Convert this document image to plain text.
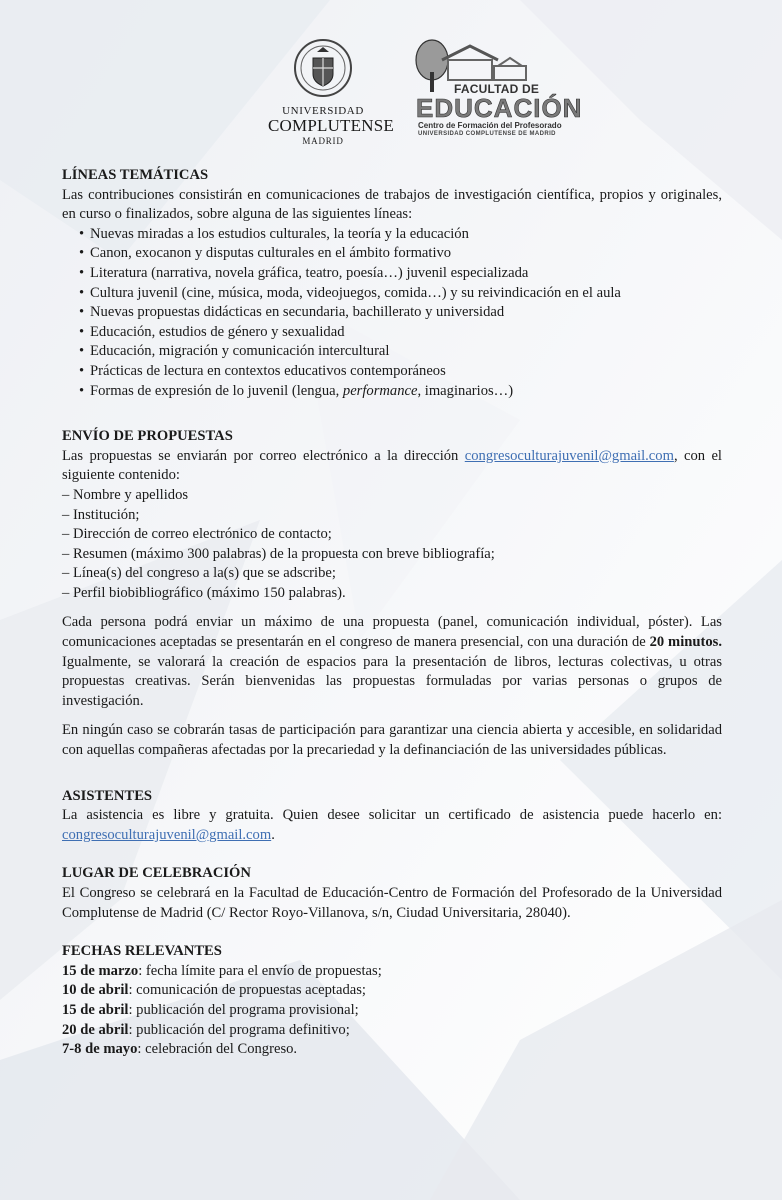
UNIVERSIDAD
COMPLUTENSE
MADRID
FACULTAD DE
EDUCACIÓN
Centro de Formación del Profesorado
UNIVERSIDAD COMPLUTENSE DE MADRID
LÍNEAS TEMÁTICAS

Las contribuciones consistirán en comunicaciones de trabajos de investigación científica, propios y originales, en curso o finalizados, sobre alguna de las siguientes líneas:

• Nuevas miradas a los estudios culturales, la teoría y la educación
• Canon, exocanon y disputas culturales en el ámbito formativo
• Literatura (narrativa, novela gráfica, teatro, poesía…) juvenil especializada
• Cultura juvenil (cine, música, moda, videojuegos, comida…) y su reivindicación en el aula
• Nuevas propuestas didácticas en secundaria, bachillerato y universidad
• Educación, estudios de género y sexualidad
• Educación, migración y comunicación intercultural
• Prácticas de lectura en contextos educativos contemporáneos
• Formas de expresión de lo juvenil (lengua, performance, imaginarios…)
ENVÍO DE PROPUESTAS

Las propuestas se enviarán por correo electrónico a la dirección congresoculturajuvenil@gmail.com, con el siguiente contenido:

– Nombre y apellidos
– Institución;
– Dirección de correo electrónico de contacto;
– Resumen (máximo 300 palabras) de la propuesta con breve bibliografía;
– Línea(s) del congreso a la(s) que se adscribe;
– Perfil biobibliográfico (máximo 150 palabras).

Cada persona podrá enviar un máximo de una propuesta (panel, comunicación individual, póster). Las comunicaciones aceptadas se presentarán en el congreso de manera presencial, con una duración de 20 minutos. Igualmente, se valorará la creación de espacios para la presentación de libros, lecturas colectivas, u otras propuestas creativas. Serán bienvenidas las propuestas formuladas por varias personas o grupos de investigación.

En ningún caso se cobrarán tasas de participación para garantizar una ciencia abierta y accesible, en solidaridad con aquellas compañeras afectadas por la precariedad y la definanciación de las universidades públicas.

ASISTENTES

La asistencia es libre y gratuita. Quien desee solicitar un certificado de asistencia puede hacerlo en: congresoculturajuvenil@gmail.com.

LUGAR DE CELEBRACIÓN

El Congreso se celebrará en la Facultad de Educación-Centro de Formación del Profesorado de la Universidad Complutense de Madrid (C/ Rector Royo-Villanova, s/n, Ciudad Universitaria, 28040).

FECHAS RELEVANTES
15 de marzo: fecha límite para el envío de propuestas;
10 de abril: comunicación de propuestas aceptadas;
15 de abril: publicación del programa provisional;
20 de abril: publicación del programa definitivo;
7-8 de mayo: celebración del Congreso.
